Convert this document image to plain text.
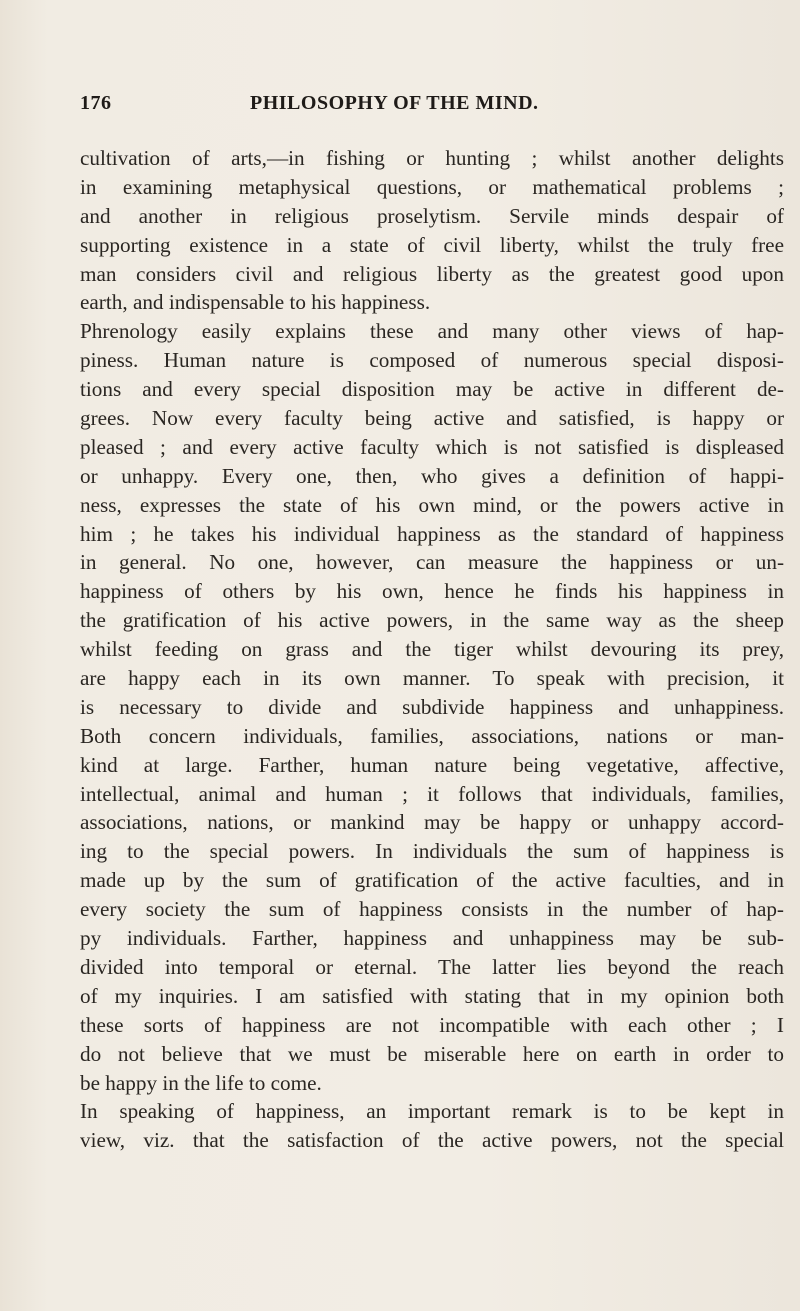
176	PHILOSOPHY OF THE MIND.
cultivation of arts,—in fishing or hunting ; whilst another delights
in examining metaphysical questions, or mathematical problems ;
and another in religious proselytism. Servile minds despair of
supporting existence in a state of civil liberty, whilst the truly free
man considers civil and religious liberty as the greatest good upon
earth, and indispensable to his happiness.
Phrenology easily explains these and many other views of hap-
piness. Human nature is composed of numerous special disposi-
tions and every special disposition may be active in different de-
grees. Now every faculty being active and satisfied, is happy or
pleased ; and every active faculty which is not satisfied is displeased
or unhappy. Every one, then, who gives a definition of happi-
ness, expresses the state of his own mind, or the powers active in
him ; he takes his individual happiness as the standard of happiness
in general. No one, however, can measure the happiness or un-
happiness of others by his own, hence he finds his happiness in
the gratification of his active powers, in the same way as the sheep
whilst feeding on grass and the tiger whilst devouring its prey,
are happy each in its own manner. To speak with precision, it
is necessary to divide and subdivide happiness and unhappiness.
Both concern individuals, families, associations, nations or man-
kind at large. Farther, human nature being vegetative, affective,
intellectual, animal and human ; it follows that individuals, families,
associations, nations, or mankind may be happy or unhappy accord-
ing to the special powers. In individuals the sum of happiness is
made up by the sum of gratification of the active faculties, and in
every society the sum of happiness consists in the number of hap-
py individuals. Farther, happiness and unhappiness may be sub-
divided into temporal or eternal. The latter lies beyond the reach
of my inquiries. I am satisfied with stating that in my opinion both
these sorts of happiness are not incompatible with each other ; I
do not believe that we must be miserable here on earth in order to
be happy in the life to come.
In speaking of happiness, an important remark is to be kept in
view, viz. that the satisfaction of the active powers, not the special
